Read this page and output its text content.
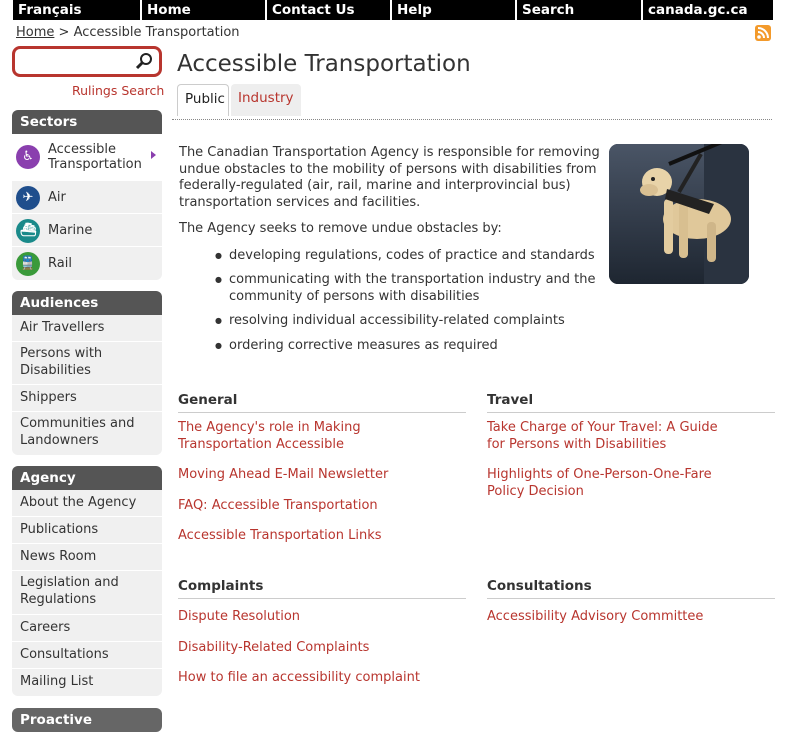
Français	Home	Contact Us	Help	Search	canada.gc.ca
Home > Accessible Transportation
Rulings Search
Sectors
♿	Accessible
Transportation
✈	Air
⛴ Marine
🚆 Rail
Audiences
Air Travellers
Persons with
Disabilities
Shippers
Communities and
Landowners
Agency
About the Agency
Publications
News Room
Legislation and
Regulations
Careers
Consultations
Mailing List
Proactive Disclosure
Accessible Transportation
Public Industry

The Canadian Transportation Agency is responsible for removing undue obstacles to the mobility of persons with disabilities from federally-regulated (air, rail, marine and interprovincial bus) transportation services and facilities.

The Agency seeks to remove undue obstacles by:

● developing regulations, codes of practice and standards
● communicating with the transportation industry and the community of persons with disabilities
● resolving individual accessibility-related complaints
● ordering corrective measures as required
General
The Agency's role in Making
Transportation Accessible
Moving Ahead E-Mail Newsletter
FAQ: Accessible Transportation
Accessible Transportation Links
Travel
Take Charge of Your Travel: A Guide
for Persons with Disabilities
Highlights of One-Person-One-Fare
Policy Decision
Complaints
Dispute Resolution
Disability-Related Complaints
How to file an accessibility complaint
Consultations
Accessibility Advisory Committee
